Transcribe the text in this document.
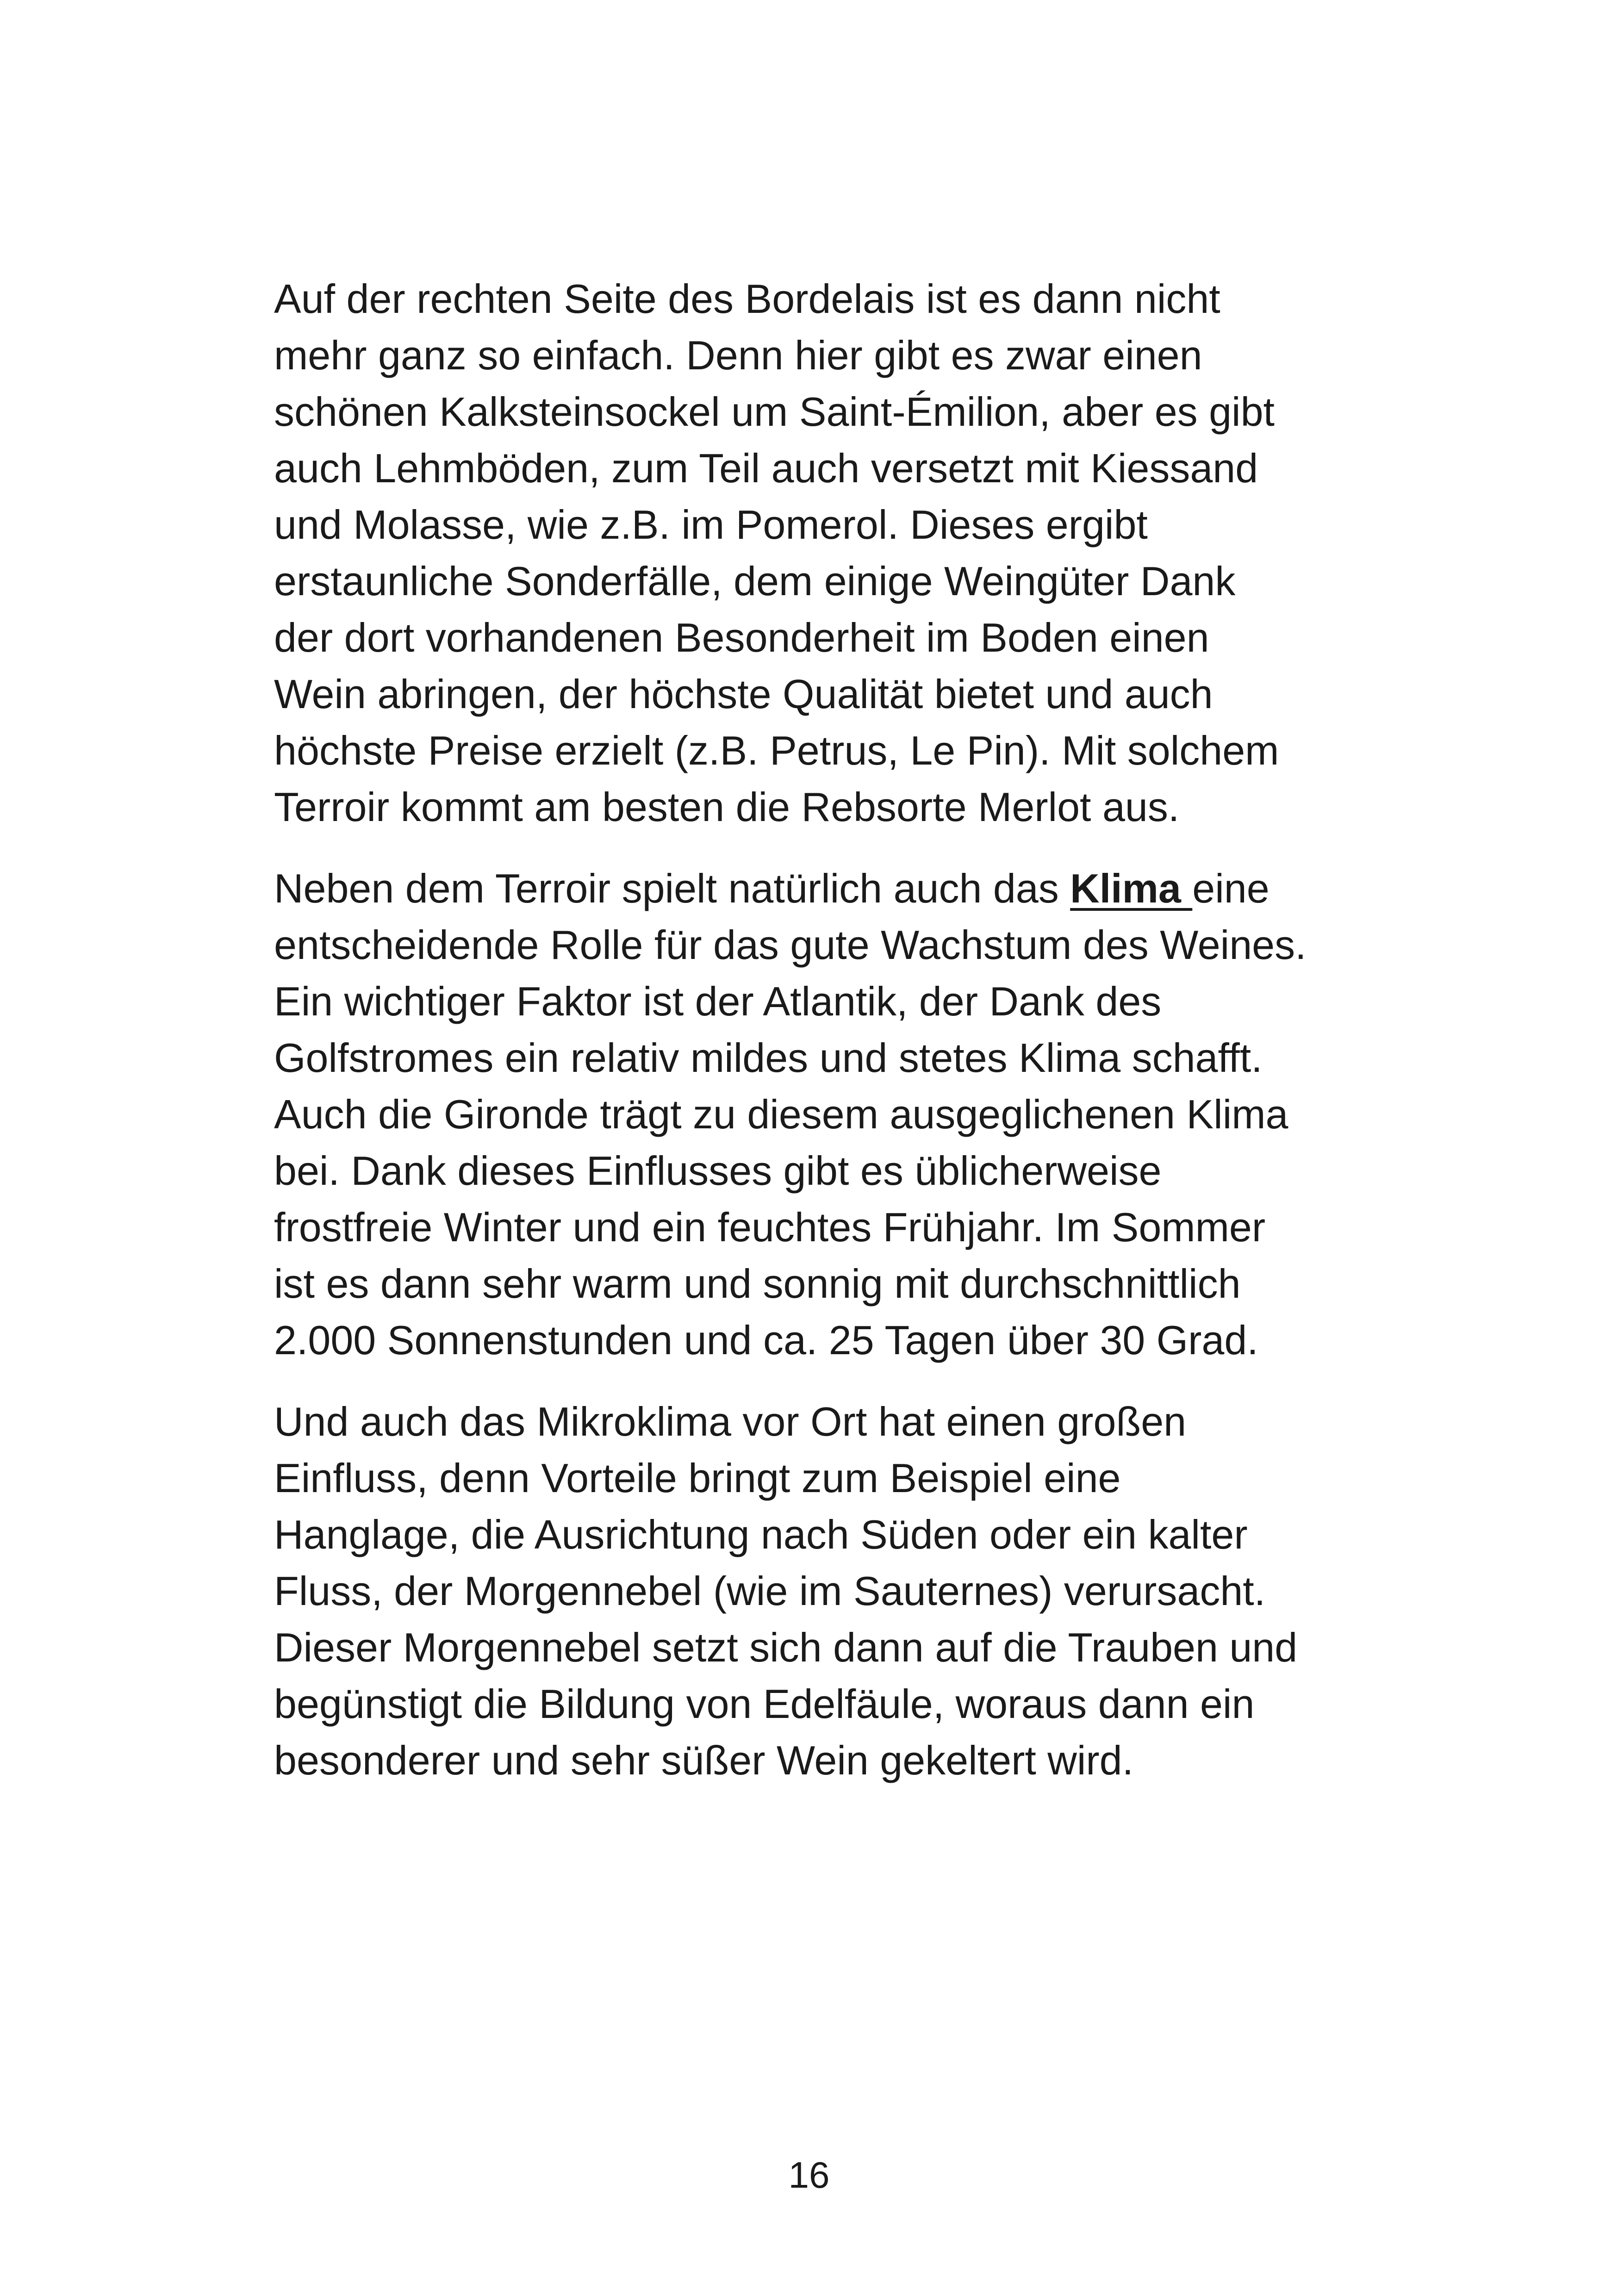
Auf der rechten Seite des Bordelais ist es dann nicht
mehr ganz so einfach. Denn hier gibt es zwar einen
schönen Kalksteinsockel um Saint-Émilion, aber es gibt
auch Lehmböden, zum Teil auch versetzt mit Kiessand
und Molasse, wie z.B. im Pomerol. Dieses ergibt
erstaunliche Sonderfälle, dem einige Weingüter Dank
der dort vorhandenen Besonderheit im Boden einen
Wein abringen, der höchste Qualität bietet und auch
höchste Preise erzielt (z.B. Petrus, Le Pin). Mit solchem
Terroir kommt am besten die Rebsorte Merlot aus.
Neben dem Terroir spielt natürlich auch das Klima eine
entscheidende Rolle für das gute Wachstum des Weines.
Ein wichtiger Faktor ist der Atlantik, der Dank des
Golfstromes ein relativ mildes und stetes Klima schafft.
Auch die Gironde trägt zu diesem ausgeglichenen Klima
bei. Dank dieses Einflusses gibt es üblicherweise
frostfreie Winter und ein feuchtes Frühjahr. Im Sommer
ist es dann sehr warm und sonnig mit durchschnittlich
2.000 Sonnenstunden und ca. 25 Tagen über 30 Grad.
Und auch das Mikroklima vor Ort hat einen großen
Einfluss, denn Vorteile bringt zum Beispiel eine
Hanglage, die Ausrichtung nach Süden oder ein kalter
Fluss, der Morgennebel (wie im Sauternes) verursacht.
Dieser Morgennebel setzt sich dann auf die Trauben und
begünstigt die Bildung von Edelfäule, woraus dann ein
besonderer und sehr süßer Wein gekeltert wird.
16
